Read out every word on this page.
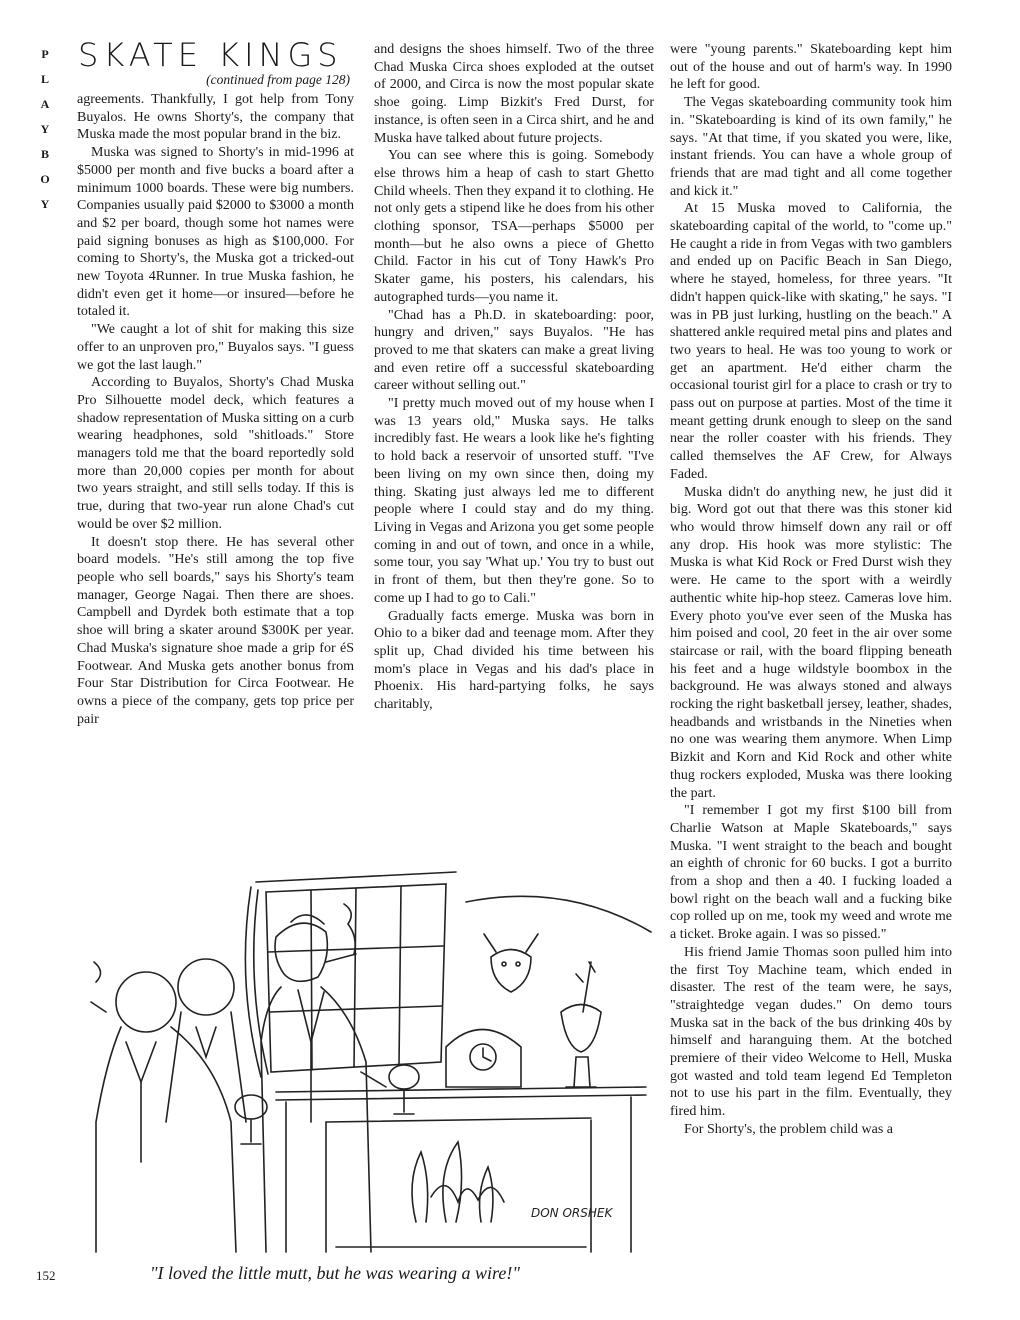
P
L
A
Y
B
O
Y
SKATE KINGS
(continued from page 128)

agreements. Thankfully, I got help from Tony Buyalos. He owns Shorty's, the company that Muska made the most popular brand in the biz.

Muska was signed to Shorty's in mid-1996 at $5000 per month and five bucks a board after a minimum 1000 boards. These were big numbers. Companies usually paid $2000 to $3000 a month and $2 per board, though some hot names were paid signing bonuses as high as $100,000. For coming to Shorty's, the Muska got a tricked-out new Toyota 4Runner. In true Muska fashion, he didn't even get it home—or insured—before he totaled it.

"We caught a lot of shit for making this size offer to an unproven pro," Buyalos says. "I guess we got the last laugh."

According to Buyalos, Shorty's Chad Muska Pro Silhouette model deck, which features a shadow representation of Muska sitting on a curb wearing headphones, sold "shitloads." Store managers told me that the board reportedly sold more than 20,000 copies per month for about two years straight, and still sells today. If this is true, during that two-year run alone Chad's cut would be over $2 million.

It doesn't stop there. He has several other board models. "He's still among the top five people who sell boards," says his Shorty's team manager, George Nagai. Then there are shoes. Campbell and Dyrdek both estimate that a top shoe will bring a skater around $300K per year. Chad Muska's signature shoe made a grip for éS Footwear. And Muska gets another bonus from Four Star Distribution for Circa Footwear. He owns a piece of the company, gets top price per pair

and designs the shoes himself. Two of the three Chad Muska Circa shoes exploded at the outset of 2000, and Circa is now the most popular skate shoe going. Limp Bizkit's Fred Durst, for instance, is often seen in a Circa shirt, and he and Muska have talked about future projects.

You can see where this is going. Somebody else throws him a heap of cash to start Ghetto Child wheels. Then they expand it to clothing. He not only gets a stipend like he does from his other clothing sponsor, TSA—perhaps $5000 per month—but he also owns a piece of Ghetto Child. Factor in his cut of Tony Hawk's Pro Skater game, his posters, his calendars, his autographed turds—you name it.

"Chad has a Ph.D. in skateboarding: poor, hungry and driven," says Buyalos. "He has proved to me that skaters can make a great living and even retire off a successful skateboarding career without selling out."

"I pretty much moved out of my house when I was 13 years old," Muska says. He talks incredibly fast. He wears a look like he's fighting to hold back a reservoir of unsorted stuff. "I've been living on my own since then, doing my thing. Skating just always led me to different people where I could stay and do my thing. Living in Vegas and Arizona you get some people coming in and out of town, and once in a while, some tour, you say 'What up.' You try to bust out in front of them, but then they're gone. So to come up I had to go to Cali."

Gradually facts emerge. Muska was born in Ohio to a biker dad and teenage mom. After they split up, Chad divided his time between his mom's place in Vegas and his dad's place in Phoenix. His hard-partying folks, he says charitably,

were "young parents." Skateboarding kept him out of the house and out of harm's way. In 1990 he left for good.

The Vegas skateboarding community took him in. "Skateboarding is kind of its own family," he says. "At that time, if you skated you were, like, instant friends. You can have a whole group of friends that are mad tight and all come together and kick it."

At 15 Muska moved to California, the skateboarding capital of the world, to "come up." He caught a ride in from Vegas with two gamblers and ended up on Pacific Beach in San Diego, where he stayed, homeless, for three years. "It didn't happen quick-like with skating," he says. "I was in PB just lurking, hustling on the beach." A shattered ankle required metal pins and plates and two years to heal. He was too young to work or get an apartment. He'd either charm the occasional tourist girl for a place to crash or try to pass out on purpose at parties. Most of the time it meant getting drunk enough to sleep on the sand near the roller coaster with his friends. They called themselves the AF Crew, for Always Faded.

Muska didn't do anything new, he just did it big. Word got out that there was this stoner kid who would throw himself down any rail or off any drop. His hook was more stylistic: The Muska is what Kid Rock or Fred Durst wish they were. He came to the sport with a weirdly authentic white hip-hop steez. Cameras love him. Every photo you've ever seen of the Muska has him poised and cool, 20 feet in the air over some staircase or rail, with the board flipping beneath his feet and a huge wildstyle boombox in the background. He was always stoned and always rocking the right basketball jersey, leather, shades, headbands and wristbands in the Nineties when no one was wearing them anymore. When Limp Bizkit and Korn and Kid Rock and other white thug rockers exploded, Muska was there looking the part.

"I remember I got my first $100 bill from Charlie Watson at Maple Skateboards," says Muska. "I went straight to the beach and bought an eighth of chronic for 60 bucks. I got a burrito from a shop and then a 40. I fucking loaded a bowl right on the beach wall and a fucking bike cop rolled up on me, took my weed and wrote me a ticket. Broke again. I was so pissed."

His friend Jamie Thomas soon pulled him into the first Toy Machine team, which ended in disaster. The rest of the team were, he says, "straightedge vegan dudes." On demo tours Muska sat in the back of the bus drinking 40s by himself and haranguing them. At the botched premiere of their video Welcome to Hell, Muska got wasted and told team legend Ed Templeton not to use his part in the film. Eventually, they fired him.

For Shorty's, the problem child was a

DON ORSHEK
152	"I loved the little mutt, but he was wearing a wire!"
